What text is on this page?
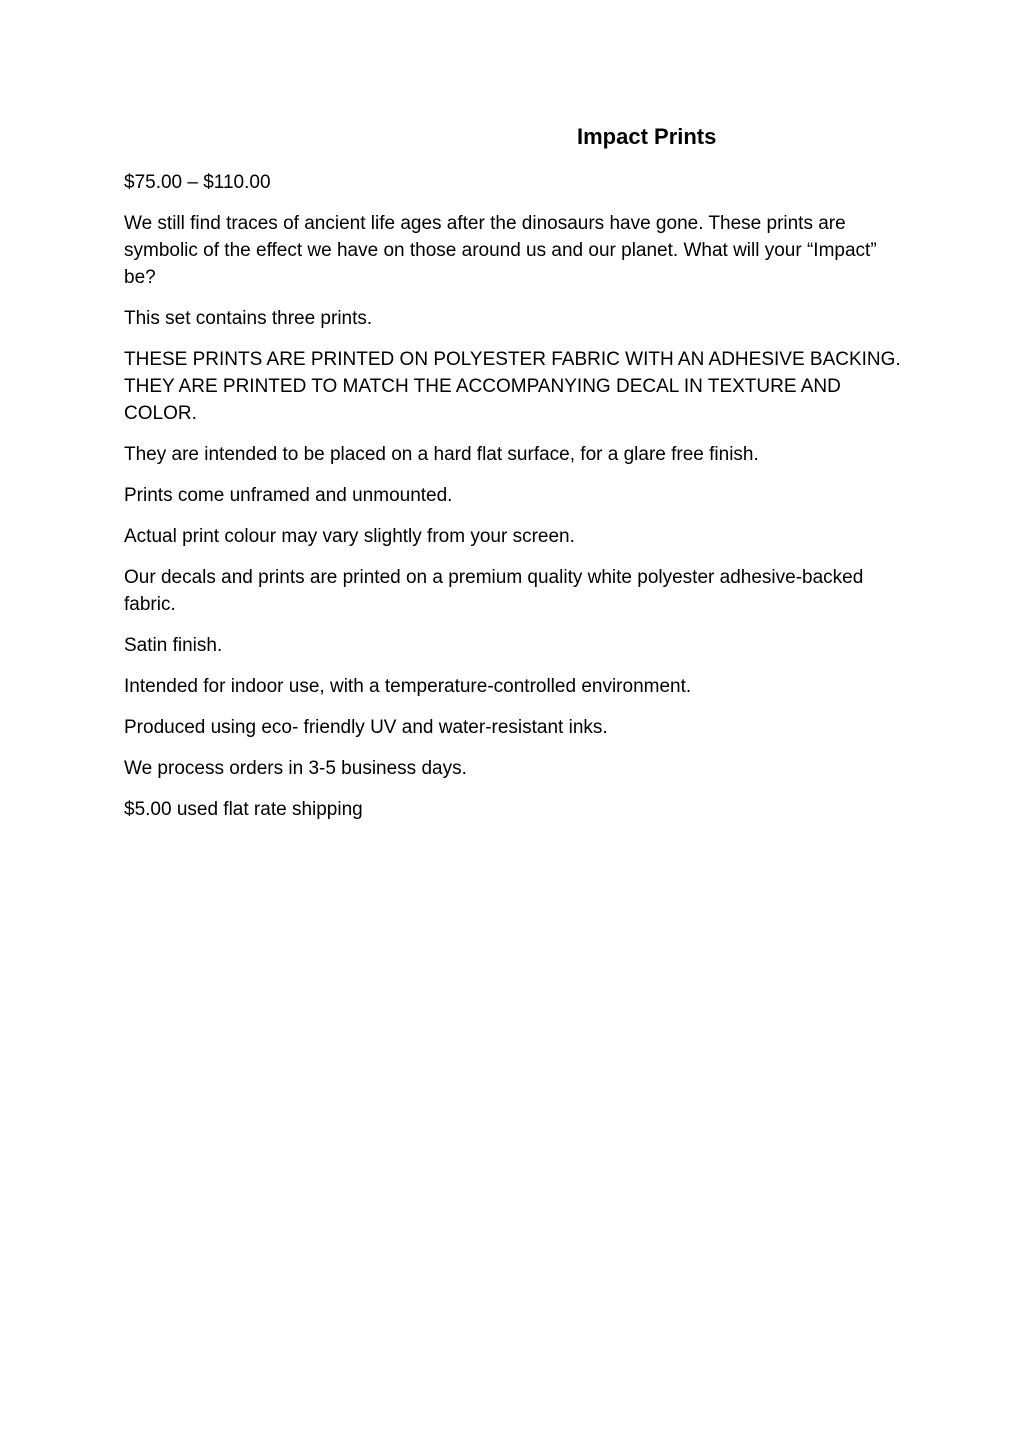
Impact Prints

$75.00 – $110.00

We still find traces of ancient life ages after the dinosaurs have gone. These prints are symbolic of the effect we have on those around us and our planet. What will your “Impact” be?

This set contains three prints.

THESE PRINTS ARE PRINTED ON POLYESTER FABRIC WITH AN ADHESIVE BACKING. THEY ARE PRINTED TO MATCH THE ACCOMPANYING DECAL IN TEXTURE AND COLOR.

They are intended to be placed on a hard flat surface, for a glare free finish.

Prints come unframed and unmounted.

Actual print colour may vary slightly from your screen.

Our decals and prints are printed on a premium quality white polyester adhesive-backed fabric.

Satin finish.

Intended for indoor use, with a temperature-controlled environment.

Produced using eco- friendly UV and water-resistant inks.

We process orders in 3-5 business days.

$5.00 used flat rate shipping
